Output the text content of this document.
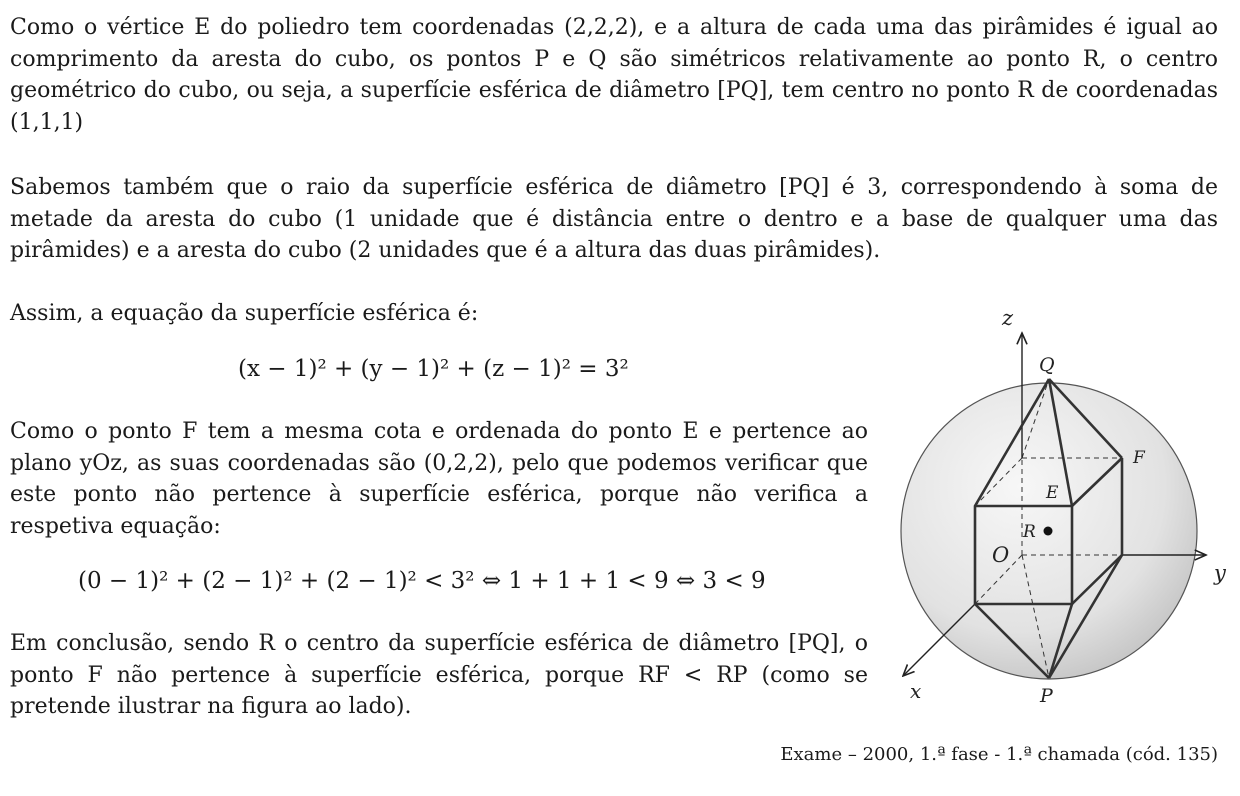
Como o vértice E do poliedro tem coordenadas (2,2,2), e a altura de cada uma das pirâmides é igual ao comprimento da aresta do cubo, os pontos P e Q são simétricos relativamente ao ponto R, o centro geométrico do cubo, ou seja, a superfície esférica de diâmetro [PQ], tem centro no ponto R de coordenadas (1,1,1)

Sabemos também que o raio da superfície esférica de diâmetro [PQ] é 3, correspondendo à soma de metade da aresta do cubo (1 unidade que é distância entre o dentro e a base de qualquer uma das pirâmides) e a aresta do cubo (2 unidades que é a altura das duas pirâmides).

Assim, a equação da superfície esférica é:

(x − 1)² + (y − 1)² + (z − 1)² = 3²

Como o ponto F tem a mesma cota e ordenada do ponto E e pertence ao plano yOz, as suas coordenadas são (0,2,2), pelo que podemos verificar que este ponto não pertence à superfície esférica, porque não verifica a respetiva equação:

(0 − 1)² + (2 − 1)² + (2 − 1)² < 3² ⇔ 1 + 1 + 1 < 9 ⇔ 3 < 9

Em conclusão, sendo R o centro da superfície esférica de diâmetro [PQ], o ponto F não pertence à superfície esférica, porque RF < RP (como se pretende ilustrar na figura ao lado).

z
y
x
Q
F
E
R
O
P
Exame – 2000, 1.ª fase - 1.ª chamada (cód. 135)
